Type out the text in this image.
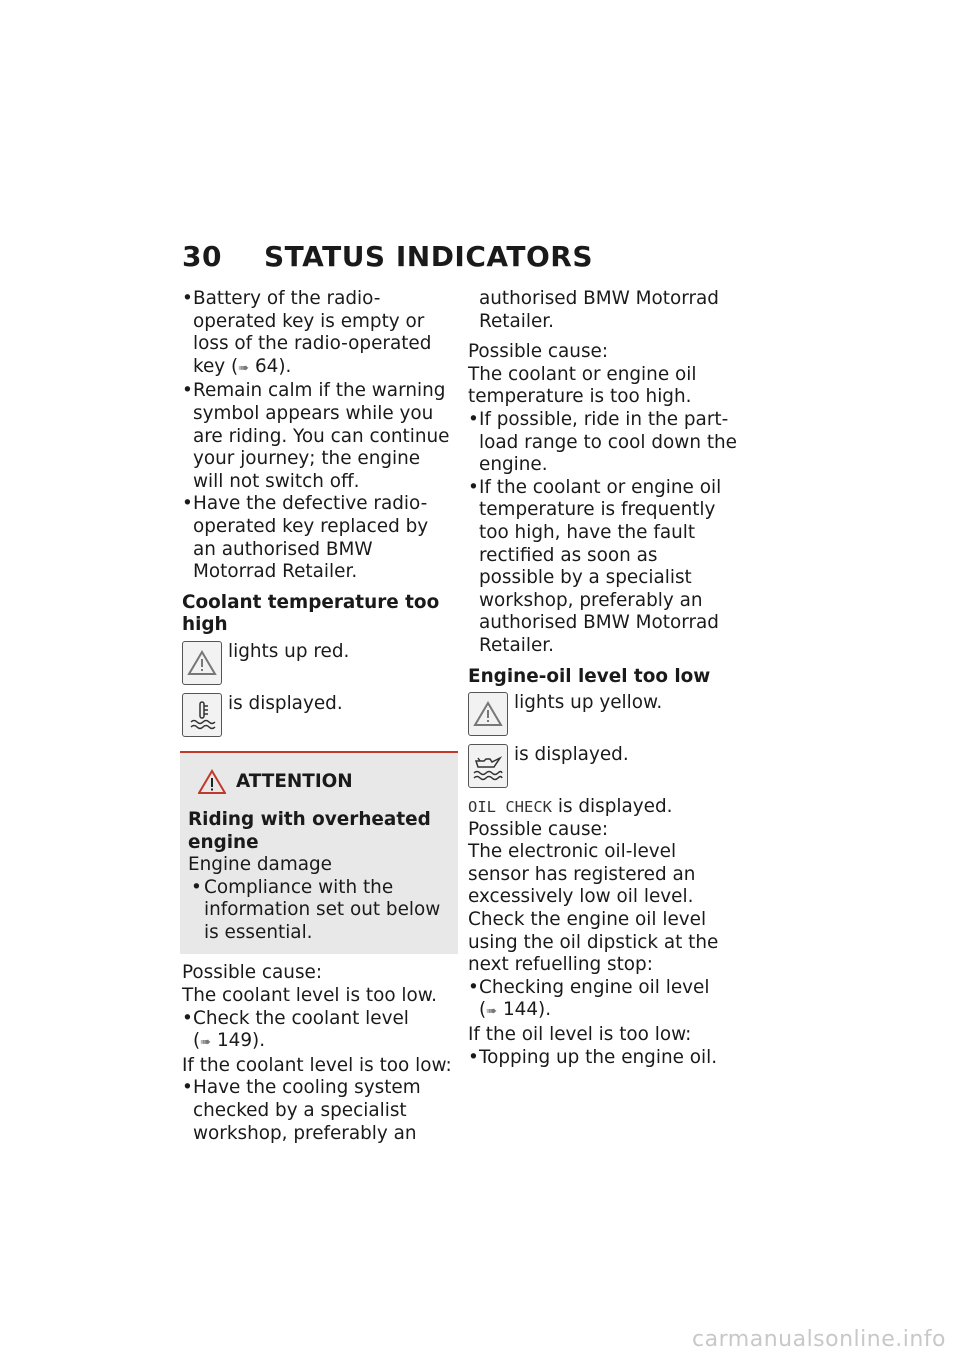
30 STATUS INDICATORS
• Battery of the radio-operated key is empty or loss of the radio-operated key (➠ 64).
• Remain calm if the warning symbol appears while you are riding. You can continue your journey; the engine will not switch off.
• Have the defective radio-operated key replaced by an authorised BMW Motorrad Retailer.
Coolant temperature too high
lights up red.
is displayed.
ATTENTION
Riding with overheated engine
Engine damage
• Compliance with the information set out below is essential.
Possible cause:
The coolant level is too low.
• Check the coolant level
(➠ 149).
If the coolant level is too low:
• Have the cooling system checked by a specialist workshop, preferably an
authorised BMW Motorrad Retailer.
Possible cause:
The coolant or engine oil temperature is too high.
• If possible, ride in the part-load range to cool down the engine.
• If the coolant or engine oil temperature is frequently too high, have the fault rectified as soon as possible by a specialist workshop, preferably an authorised BMW Motorrad Retailer.
Engine-oil level too low
lights up yellow.
is displayed.
OIL CHECK is displayed.
Possible cause:
The electronic oil-level sensor has registered an excessively low oil level. Check the engine oil level using the oil dipstick at the next refuelling stop:
• Checking engine oil level
(➠ 144).
If the oil level is too low:
• Topping up the engine oil.
carmanualsonline.info
